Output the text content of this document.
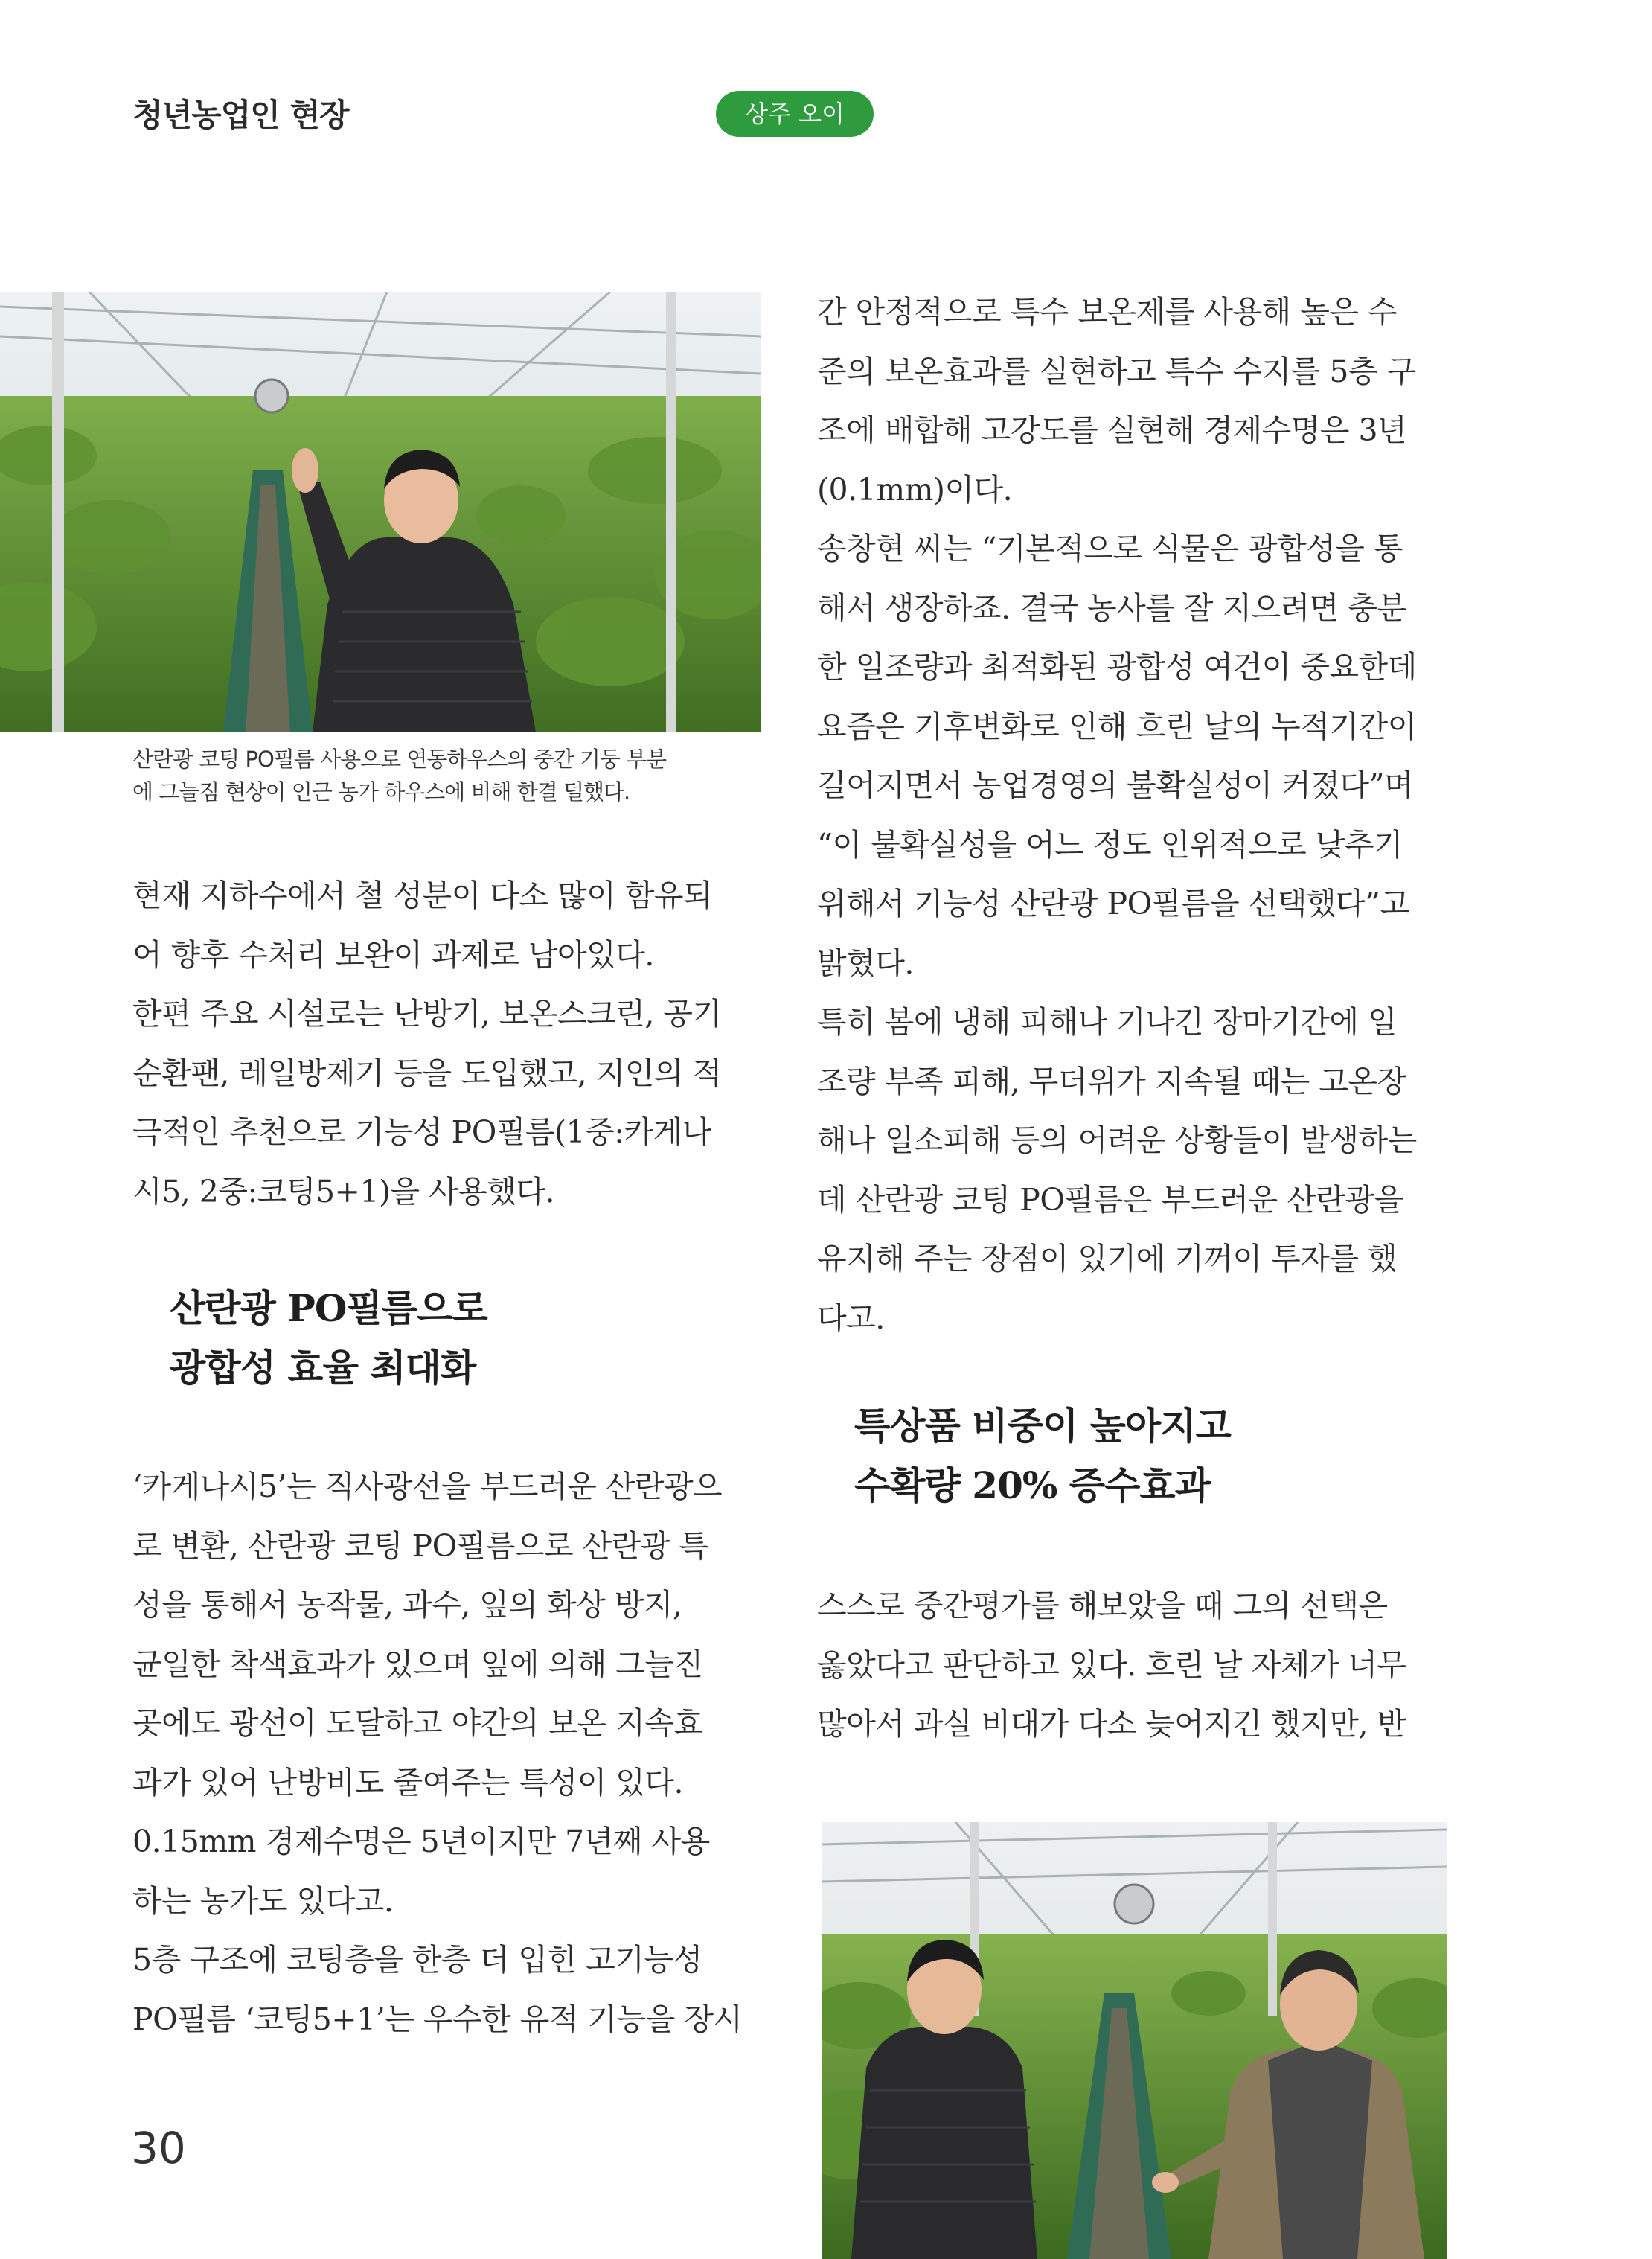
청년농업인 현장	상주 오이
산란광 코팅 PO필름 사용으로 연동하우스의 중간 기둥 부분
에 그늘짐 현상이 인근 농가 하우스에 비해 한결 덜했다.

현재 지하수에서 철 성분이 다소 많이 함유되

어 향후 수처리 보완이 과제로 남아있다.

한편 주요 시설로는 난방기, 보온스크린, 공기

순환팬, 레일방제기 등을 도입했고, 지인의 적

극적인 추천으로 기능성 PO필름(1중:카게나

시5, 2중:코팅5+1)을 사용했다.

산란광 PO필름으로

광합성 효율 최대화

‘카게나시5’는 직사광선을 부드러운 산란광으

로 변환, 산란광 코팅 PO필름으로 산란광 특

성을 통해서 농작물, 과수, 잎의 화상 방지,

균일한 착색효과가 있으며 잎에 의해 그늘진

곳에도 광선이 도달하고 야간의 보온 지속효

과가 있어 난방비도 줄여주는 특성이 있다.

0.15mm 경제수명은 5년이지만 7년째 사용

하는 농가도 있다고.

5층 구조에 코팅층을 한층 더 입힌 고기능성

PO필름 ‘코팅5+1’는 우수한 유적 기능을 장시

간 안정적으로 특수 보온제를 사용해 높은 수

준의 보온효과를 실현하고 특수 수지를 5층 구

조에 배합해 고강도를 실현해 경제수명은 3년

(0.1mm)이다.

송창현 씨는 “기본적으로 식물은 광합성을 통

해서 생장하죠. 결국 농사를 잘 지으려면 충분

한 일조량과 최적화된 광합성 여건이 중요한데

요즘은 기후변화로 인해 흐린 날의 누적기간이

길어지면서 농업경영의 불확실성이 커졌다”며

“이 불확실성을 어느 정도 인위적으로 낮추기

위해서 기능성 산란광 PO필름을 선택했다”고

밝혔다.

특히 봄에 냉해 피해나 기나긴 장마기간에 일

조량 부족 피해, 무더위가 지속될 때는 고온장

해나 일소피해 등의 어려운 상황들이 발생하는

데 산란광 코팅 PO필름은 부드러운 산란광을

유지해 주는 장점이 있기에 기꺼이 투자를 했

다고.

특상품 비중이 높아지고

수확량 20% 증수효과

스스로 중간평가를 해보았을 때 그의 선택은

옳았다고 판단하고 있다. 흐린 날 자체가 너무

많아서 과실 비대가 다소 늦어지긴 했지만, 반

30
